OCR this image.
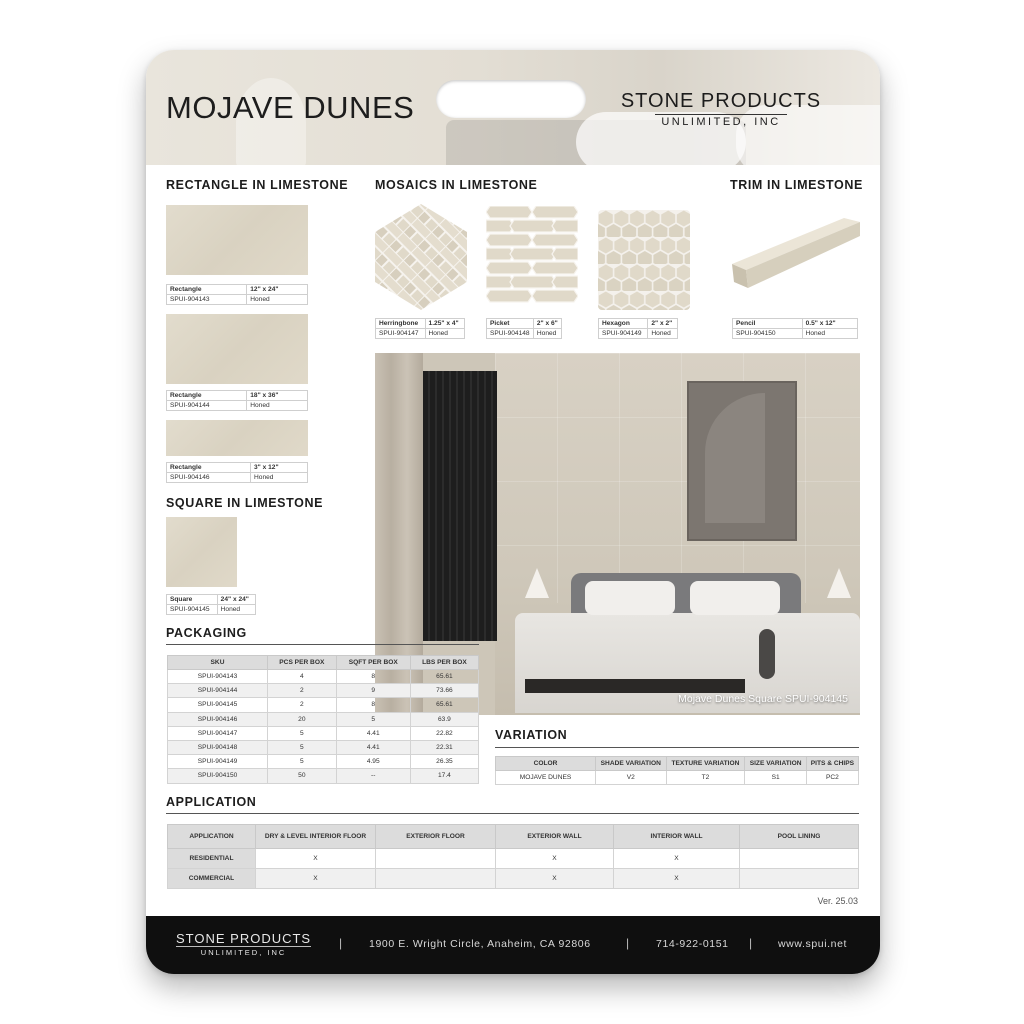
MOJAVE DUNES	STONE PRODUCTS
UNLIMITED, INC
RECTANGLE IN LIMESTONE
Rectangle	12" x 24"
SPUI-904143	Honed
Rectangle	18" x 36"
SPUI-904144	Honed
Rectangle	3" x 12"
SPUI-904146	Honed
SQUARE IN LIMESTONE
Square	24" x 24"
SPUI-904145	Honed
MOSAICS IN LIMESTONE
Herringbone	1.25" x 4"
SPUI-904147	Honed
Picket	2" x 6"
SPUI-904148	Honed
Hexagon	2" x 2"
SPUI-904149	Honed
TRIM IN LIMESTONE
Pencil	0.5" x 12"
SPUI-904150	Honed
Mojave Dunes Square SPUI-904145
PACKAGING
SKU	PCS PER BOX	SQFT PER BOX	LBS PER BOX
SPUI-904143	4	8	65.61
SPUI-904144	2	9	73.66
SPUI-904145	2	8	65.61
SPUI-904146	20	5	63.9
SPUI-904147	5	4.41	22.82
SPUI-904148	5	4.41	22.31
SPUI-904149	5	4.95	26.35
SPUI-904150	50	--	17.4
VARIATION
COLOR	SHADE VARIATION	TEXTURE VARIATION	SIZE VARIATION	PITS & CHIPS
MOJAVE DUNES	V2	T2	S1	PC2
APPLICATION
APPLICATION	DRY & LEVEL INTERIOR FLOOR	EXTERIOR FLOOR	EXTERIOR WALL	INTERIOR WALL	POOL LINING
RESIDENTIAL	X		X	X	
COMMERCIAL	X		X	X	
Ver. 25.03
STONE PRODUCTS
UNLIMITED, INC
|	1900 E. Wright Circle, Anaheim, CA 92806	|	714-922-0151 | www.spui.net
